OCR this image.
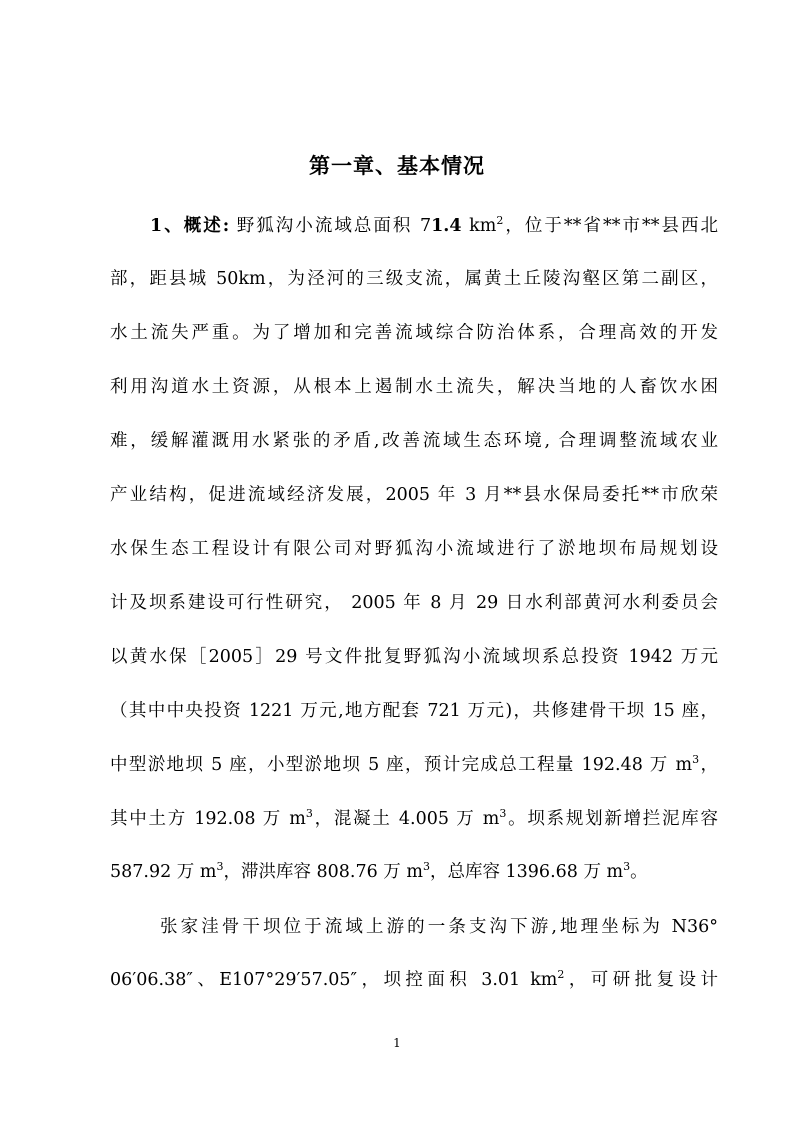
第一章、基本情况
1、概述: 野狐沟小流域总面积 71.4 $km^2$，位于**省**市**县西北
部，距县城 50km，为泾河的三级支流，属黄土丘陵沟壑区第二副区，
水土流失严重。为了增加和完善流域综合防治体系，合理高效的开发
利用沟道水土资源，从根本上遏制水土流失，解决当地的人畜饮水困
难，缓解灌溉用水紧张的矛盾,改善流域生态环境, 合理调整流域农业
产业结构，促进流域经济发展，2005 年 3 月**县水保局委托**市欣荣
水保生态工程设计有限公司对野狐沟小流域进行了淤地坝布局规划设
计及坝系建设可行性研究， 2005 年 8 月 29 日水利部黄河水利委员会
以黄水保［2005］29 号文件批复野狐沟小流域坝系总投资 1942 万元
（其中中央投资 1221 万元,地方配套 721 万元)，共修建骨干坝 15 座，
中型淤地坝 5 座，小型淤地坝 5 座，预计完成总工程量 192.48 万 $m^3$，
其中土方 192.08 万 $m^3$，混凝土 4.005 万 $m^3$。坝系规划新增拦泥库容
587.92 万 $m^3$，滞洪库容 808.76 万 $m^3$，总库容 1396.68 万 $m^3$。
张家洼骨干坝位于流域上游的一条支沟下游,地理坐标为 N36°
06′06.38″、E107°29′57.05″，坝控面积 3.01 $km^2$，可研批复设计
1
